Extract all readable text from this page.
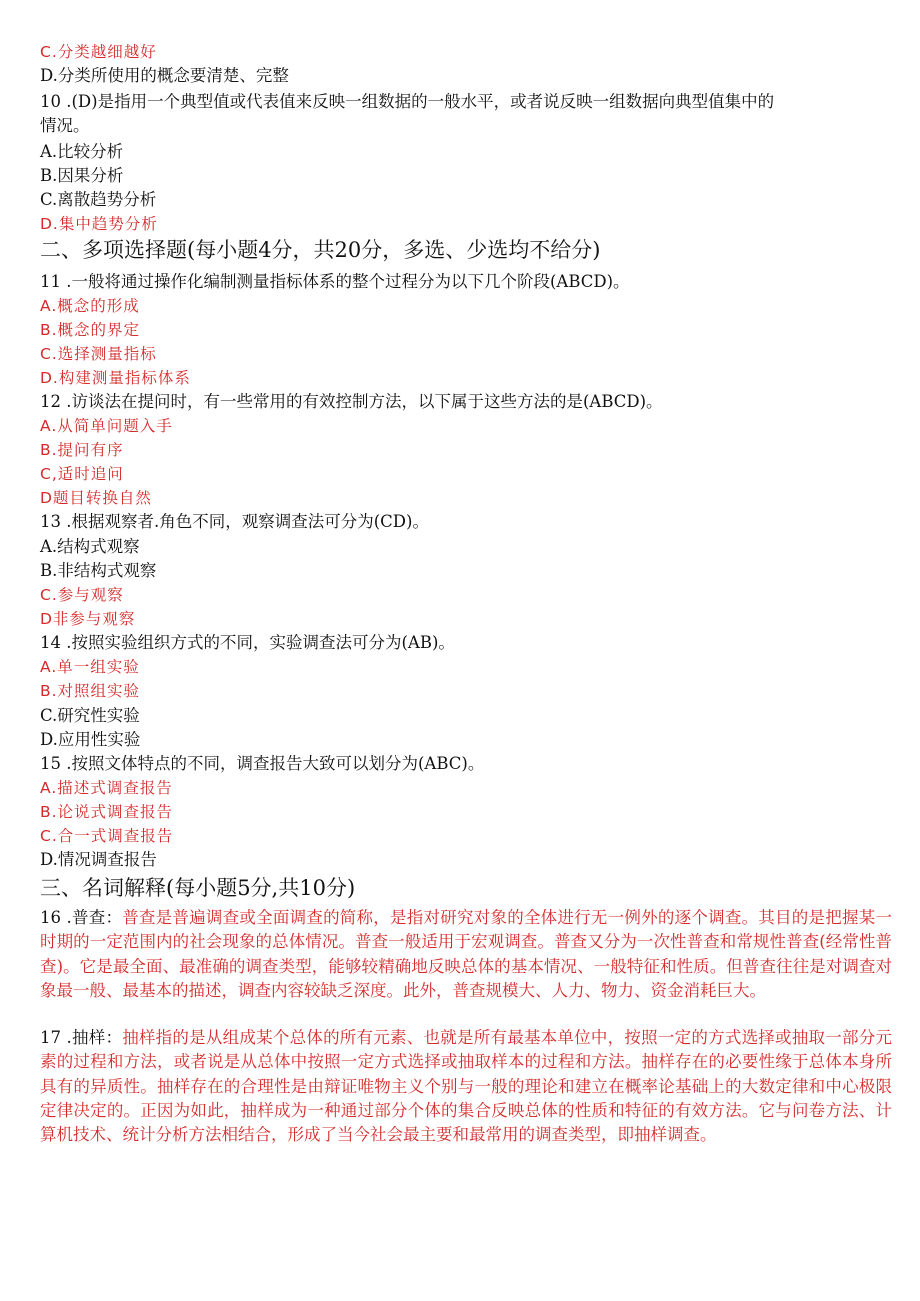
C.分类越细越好
D.分类所使用的概念要清楚、完整
10 .(D)是指用一个典型值或代表值来反映一组数据的一般水平，或者说反映一组数据向典型值集中的
情况。
A.比较分析
B.因果分析
C.离散趋势分析
D.集中趋势分析
二、多项选择题(每小题4分，共20分，多选、少选均不给分)
11 .一般将通过操作化编制测量指标体系的整个过程分为以下几个阶段(ABCD)。
A.概念的形成
B.概念的界定
C.选择测量指标
D.构建测量指标体系
12 .访谈法在提问时，有一些常用的有效控制方法，以下属于这些方法的是(ABCD)。
A.从简单问题入手
B.提问有序
C,适时追问
D题目转换自然
13 .根据观察者.角色不同，观察调查法可分为(CD)。
A.结构式观察
B.非结构式观察
C.参与观察
D非参与观察
14 .按照实验组织方式的不同，实验调查法可分为(AB)。
A.单一组实验
B.对照组实验
C.研究性实验
D.应用性实验
15 .按照文体特点的不同，调查报告大致可以划分为(ABC)。
A.描述式调查报告
B.论说式调查报告
C.合一式调查报告
D.情况调查报告
三、名词解释(每小题5分,共10分)
16 .普查：普查是普遍调查或全面调查的简称，是指对研究对象的全体进行无一例外的逐个调查。其目的是把握某一时期的一定范围内的社会现象的总体情况。普查一般适用于宏观调查。普查又分为一次性普查和常规性普查(经常性普查)。它是最全面、最准确的调查类型，能够较精确地反映总体的基本情况、一般特征和性质。但普查往往是对调查对象最一般、最基本的描述，调查内容较缺乏深度。此外，普查规模大、人力、物力、资金消耗巨大。
17 .抽样：抽样指的是从组成某个总体的所有元素、也就是所有最基本单位中，按照一定的方式选择或抽取一部分元素的过程和方法，或者说是从总体中按照一定方式选择或抽取样本的过程和方法。抽样存在的必要性缘于总体本身所具有的异质性。抽样存在的合理性是由辩证唯物主义个别与一般的理论和建立在概率论基础上的大数定律和中心极限定律决定的。正因为如此，抽样成为一种通过部分个体的集合反映总体的性质和特征的有效方法。它与问卷方法、计算机技术、统计分析方法相结合，形成了当今社会最主要和最常用的调查类型，即抽样调查。
